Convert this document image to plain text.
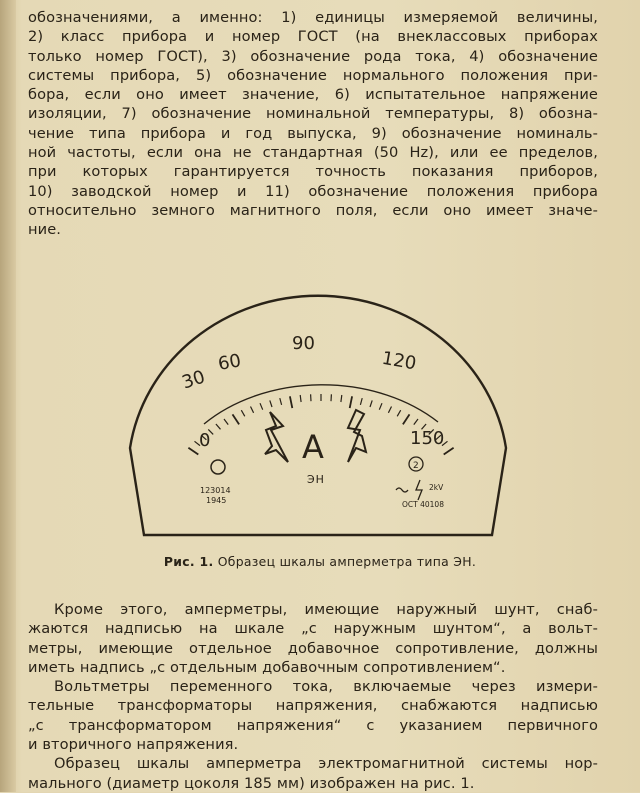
обозначениями, а именно: 1) единицы измеряемой величины,
2) класс прибора и номер ГОСТ (на внеклассовых приборах
только номер ГОСТ), 3) обозначение рода тока, 4) обозначение
системы прибора, 5) обозначение нормального положения при-
бора, если оно имеет значение, 6) испытательное напряжение
изоляции, 7) обозначение номинальной температуры, 8) обозна-
чение типа прибора и год выпуска, 9) обозначение номиналь-
ной частоты, если она не стандартная (50 Hz), или ее пределов,
при которых гарантируется точность показания приборов,
10) заводской номер и 11) обозначение положения прибора
относительно земного магнитного поля, если оно имеет значе-
ние.
0
30
60
90
120
150
A
ЭН
123014
1945
2
2kV
ОСТ 40108
Рис. 1. Образец шкалы амперметра типа ЭН.
Кроме этого, амперметры, имеющие наружный шунт, снаб-
жаются надписью на шкале „с наружным шунтом“, а вольт-
метры, имеющие отдельное добавочное сопротивление, должны
иметь надпись „с отдельным добавочным сопротивлением“.
Вольтметры переменного тока, включаемые через измери-
тельные трансформаторы напряжения, снабжаются надписью
„с трансформатором напряжения“ с указанием первичного
и вторичного напряжения.
Образец шкалы амперметра электромагнитной системы нор-
мального (диаметр цоколя 185 мм) изображен на рис. 1.
